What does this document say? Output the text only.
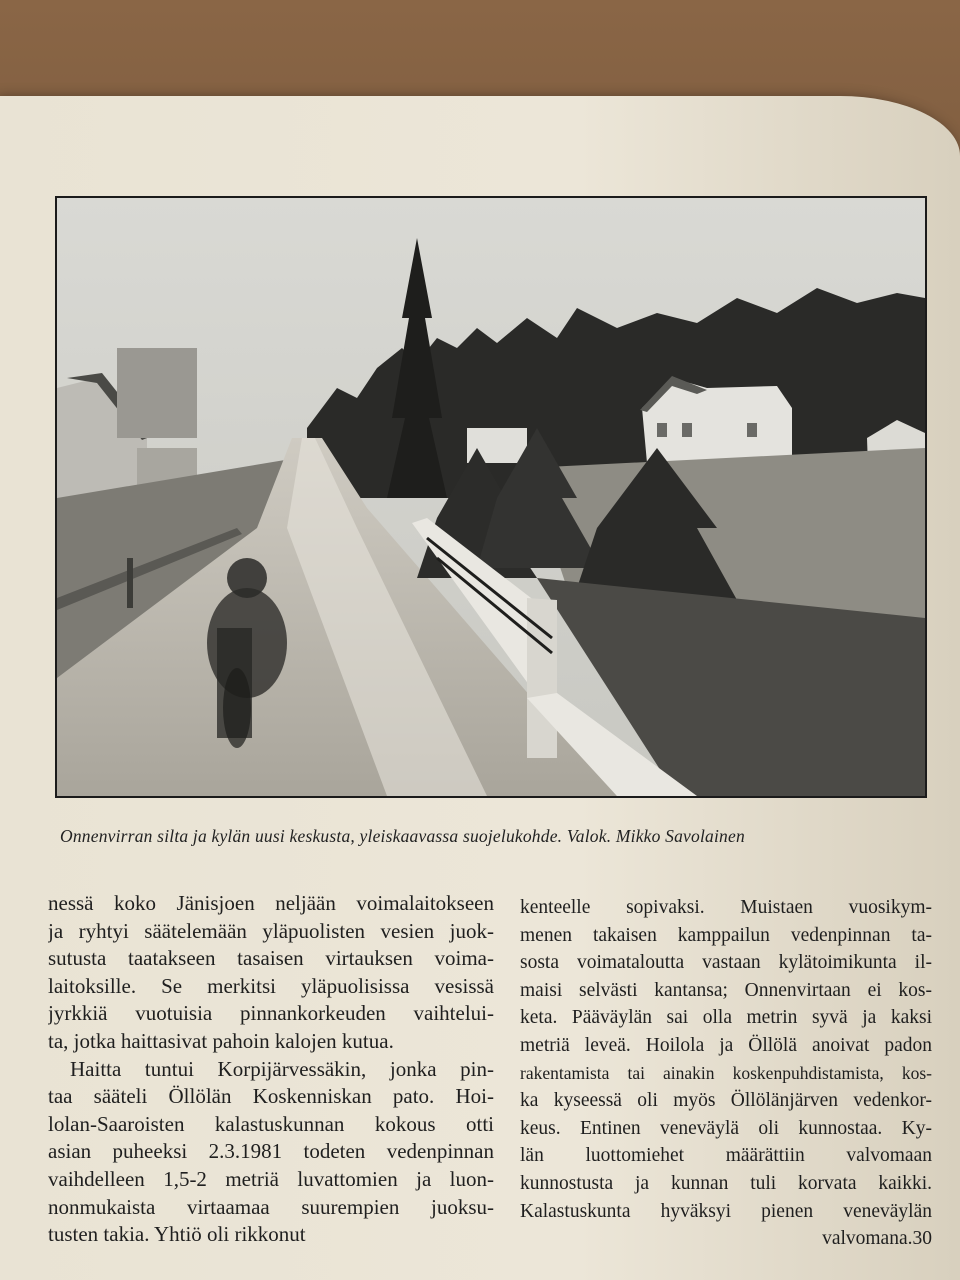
Onnenvirran silta ja kylän uusi keskusta, yleiskaavassa suojelukohde. Valok. Mikko Savolainen
nessä koko Jänisjoen neljään voimalaitokseen
ja ryhtyi säätelemään yläpuolisten vesien juok-
sutusta taatakseen tasaisen virtauksen voima-
laitoksille. Se merkitsi yläpuolisissa vesissä
jyrkkiä vuotuisia pinnankorkeuden vaihtelui-
ta, jotka haittasivat pahoin kalojen kutua.
Haitta tuntui Korpijärvessäkin, jonka pin-
taa sääteli Öllölän Koskenniskan pato. Hoi-
lolan-Saaroisten kalastuskunnan kokous otti
asian puheeksi 2.3.1981 todeten vedenpinnan
vaihdelleen 1,5-2 metriä luvattomien ja luon-
nonmukaista virtaamaa suurempien juoksu-
tusten takia. Yhtiö oli rikkonut
kenteelle sopivaksi. Muistaen vuosikym-
menen takaisen kamppailun vedenpinnan ta-
sosta voimataloutta vastaan kylätoimikunta il-
maisi selvästi kantansa; Onnenvirtaan ei kos-
keta. Pääväylän sai olla metrin syvä ja kaksi
metriä leveä. Hoilola ja Öllölä anoivat padon
rakentamista tai ainakin koskenpuhdistamista, kos-
ka kyseessä oli myös Öllölänjärven vedenkor-
keus. Entinen veneväylä oli kunnostaa. Ky-
län luottomiehet määrättiin valvomaan
kunnostusta ja kunnan tuli korvata kaikki.
Kalastuskunta hyväksyi pienen veneväylän
valvomana.30
